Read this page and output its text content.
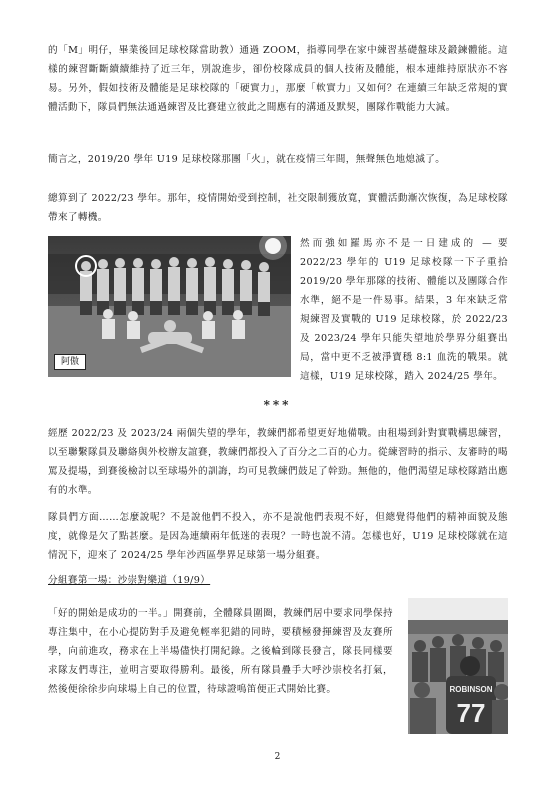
的「M」明仔，畢業後回足球校隊當助教）通過 ZOOM，指導同學在家中練習基礎盤球及鍛鍊體能。這樣的練習斷斷續續維持了近三年，別說進步，卻份校隊成員的個人技術及體能，根本連維持原狀亦不容易。另外，假如技術及體能是足球校隊的「硬實力」，那麼「軟實力」又如何？在連續三年缺乏常規的實體活動下，隊員們無法通過練習及比賽建立彼此之間應有的溝通及默契，團隊作戰能力大減。

簡言之，2019/20 學年 U19 足球校隊那團「火」，就在疫情三年間，無聲無色地熄滅了。

總算到了 2022/23 學年。那年，疫情開始受到控制，社交限制獲放寬，實體活動漸次恢復，為足球校隊帶來了轉機。

阿傲

然而強如羅馬亦不是一日建成的 — 要 2022/23 學年的 U19 足球校隊一下子重拾 2019/20 學年那隊的技術、體能以及團隊合作水準，絕不是一件易事。結果，3 年來缺乏常規練習及實戰的 U19 足球校隊，於 2022/23 及 2023/24 學年只能失望地於學界分組賽出局，當中更不乏被淨寶穩 8:1 血洗的戰果。就這樣，U19 足球校隊，踏入 2024/25 學年。

***

經歷 2022/23 及 2023/24 兩個失望的學年，教練們都希望更好地備戰。由租場到針對實戰構思練習，以至聯繫隊員及聯絡與外校辦友誼賽，教練們都投入了百分之二百的心力。從練習時的指示、友審時的喝罵及提場，到賽後檢討以至球場外的訓誨，均可見教練們鼓足了幹勁。無他的，他們渴望足球校隊踏出應有的水準。

隊員們方面……怎麼說呢？不是說他們不投入，亦不是說他們表現不好，但總覺得他們的精神面貌及態度，就像是欠了點甚麼。是因為連續兩年低迷的表現？一時也說不清。怎樣也好，U19 足球校隊就在這情況下，迎來了 2024/25 學年沙西區學界足球第一場分組賽。

分組賽第一場：沙崇對樂道（19/9）

「好的開始是成功的一半。」開賽前，全體隊員圍圈，教練們居中要求同學保持專注集中，在小心提防對手及避免輕率犯錯的同時，要積極發揮練習及友賽所學，向前進攻，務求在上半場儘快打開紀錄。之後輪到隊長發言，隊長同樣要求隊友們專注，並明言要取得勝利。最後，所有隊員疊手大呼沙崇校名打氣，然後便徐徐步向球場上自己的位置，待球證鳴笛便正式開始比賽。	ROBINSON
77
2
